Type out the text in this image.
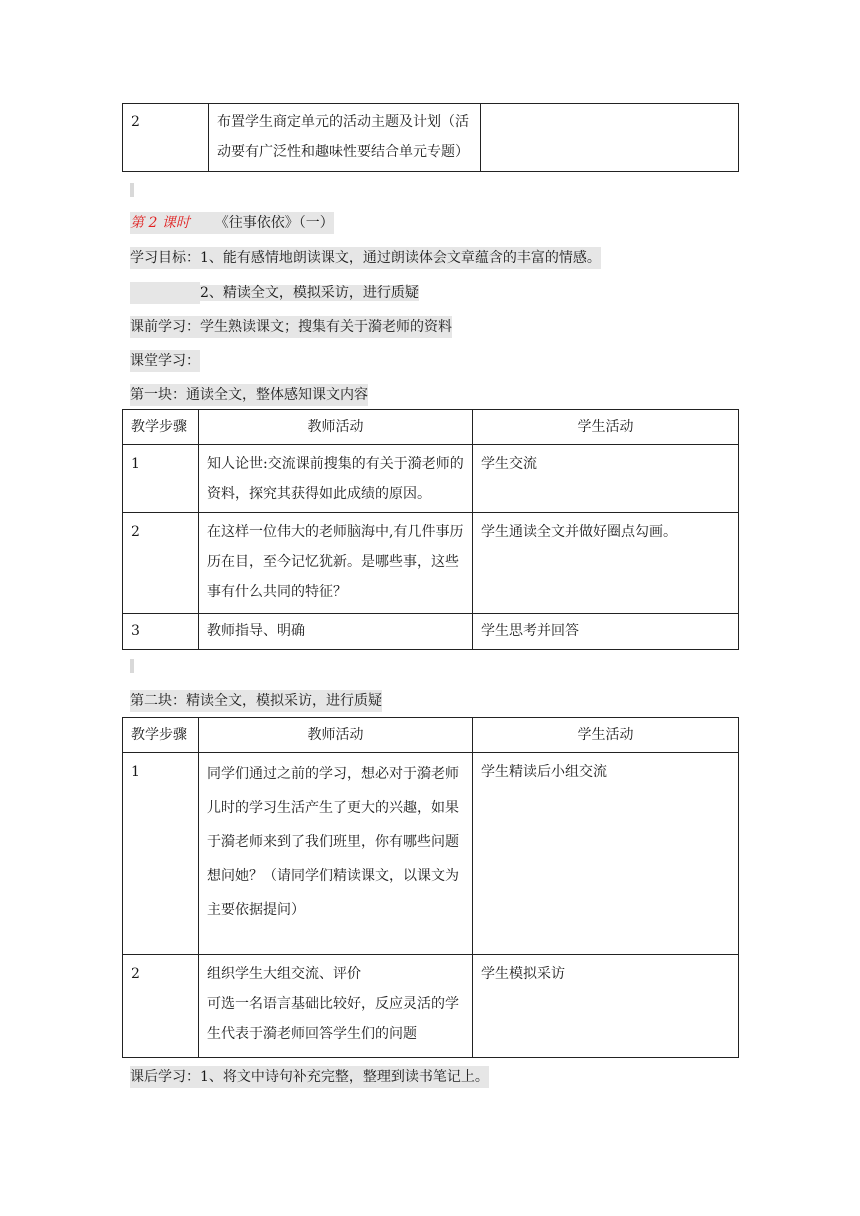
2	布置学生商定单元的活动主题及计划（活动要有广泛性和趣味性要结合单元专题）	
第 2 课时 《往事依依》（一）
学习目标：1、能有感情地朗读课文，通过朗读体会文章蕴含的丰富的情感。
2、精读全文，模拟采访，进行质疑
课前学习：学生熟读课文；搜集有关于漪老师的资料
课堂学习：
第一块：通读全文，整体感知课文内容
教学步骤	教师活动	学生活动
1	知人论世:交流课前搜集的有关于漪老师的资料，探究其获得如此成绩的原因。	学生交流
2	在这样一位伟大的老师脑海中,有几件事历历在目，至今记忆犹新。是哪些事，这些事有什么共同的特征？	学生通读全文并做好圈点勾画。
3	教师指导、明确	学生思考并回答
第二块：精读全文，模拟采访，进行质疑
教学步骤	教师活动	学生活动
1	同学们通过之前的学习，想必对于漪老师儿时的学习生活产生了更大的兴趣，如果于漪老师来到了我们班里，你有哪些问题想问她？（请同学们精读课文，以课文为主要依据提问）	学生精读后小组交流
2	组织学生大组交流、评价
可选一名语言基础比较好，反应灵活的学生代表于漪老师回答学生们的问题	学生模拟采访
课后学习：1、将文中诗句补充完整，整理到读书笔记上。
